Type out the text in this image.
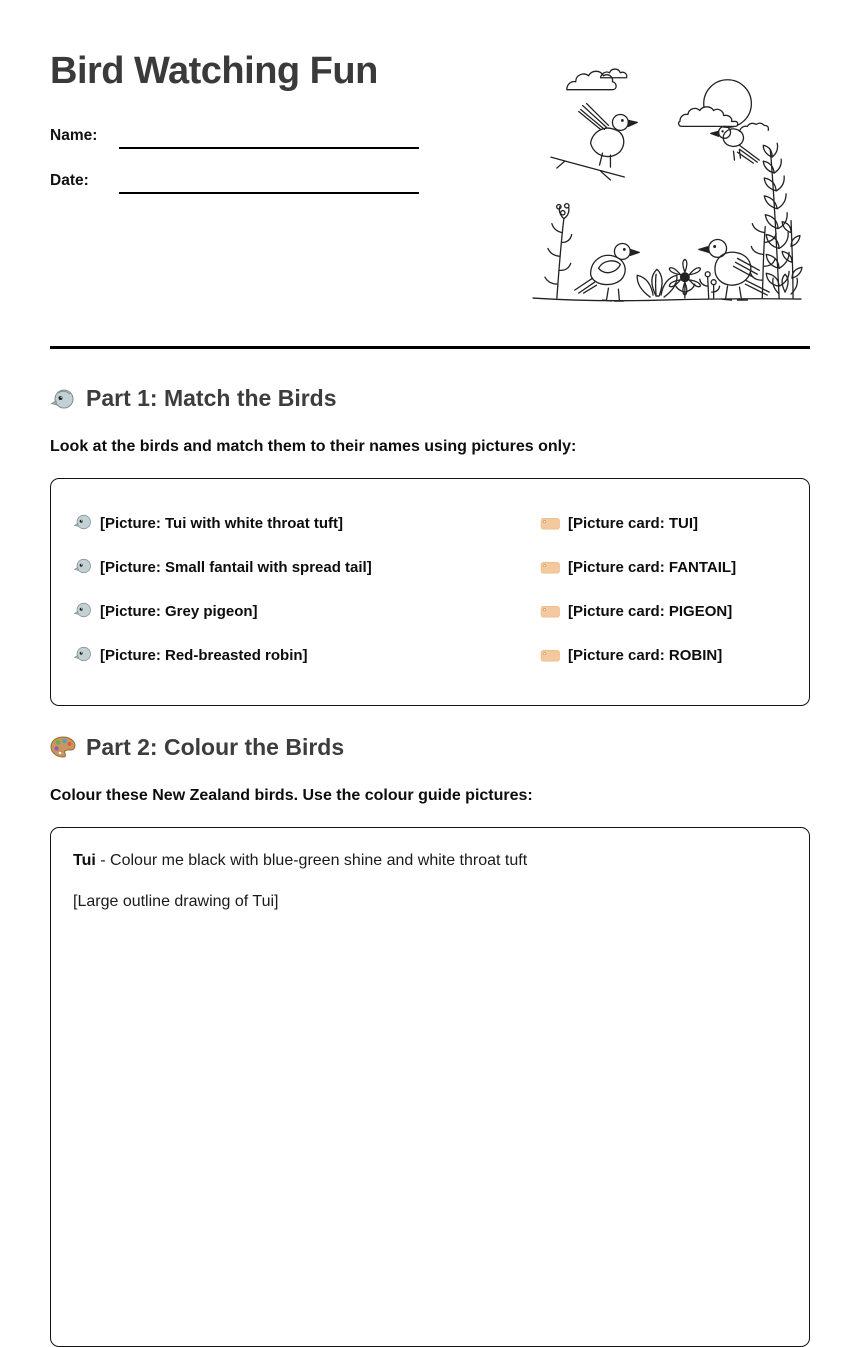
Bird Watching Fun
Name:
Date:
Part 1: Match the Birds

Look at the birds and match them to their names using pictures only:

[Picture: Tui with white throat tuft]

[Picture: Small fantail with spread tail]

[Picture: Grey pigeon]

[Picture: Red-breasted robin]

[Picture card: TUI]

[Picture card: FANTAIL]

[Picture card: PIGEON]

[Picture card: ROBIN]

Part 2: Colour the Birds

Colour these New Zealand birds. Use the colour guide pictures:

Tui - Colour me black with blue-green shine and white throat tuft

[Large outline drawing of Tui]
